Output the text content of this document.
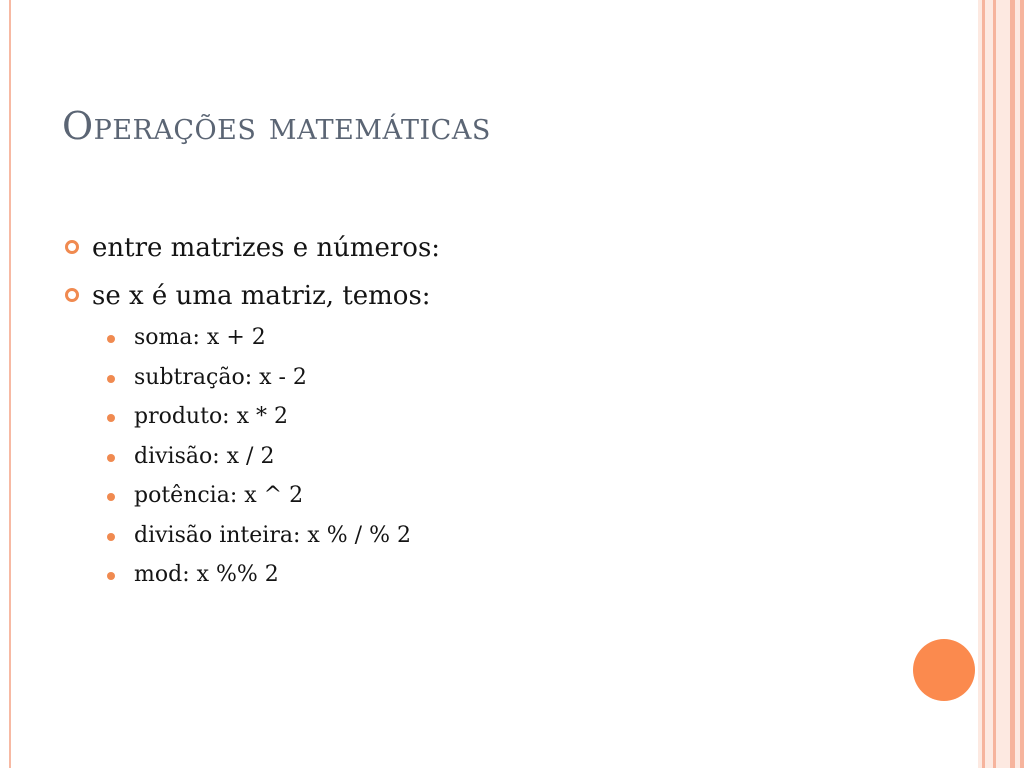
Operações matemáticas
entre matrizes e números:
se x é uma matriz, temos:
soma: x + 2
subtração: x - 2
produto: x * 2
divisão: x / 2
potência: x ^ 2
divisão inteira: x % / % 2
mod: x %% 2
